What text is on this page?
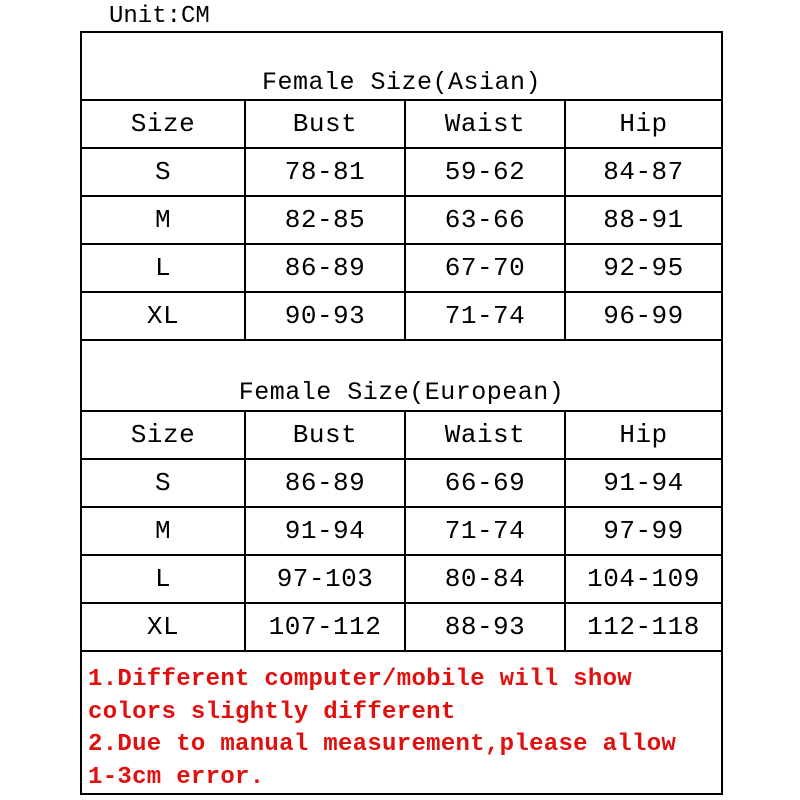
Unit:CM
Female Size(Asian)
Size	Bust	Waist	Hip
S	78-81	59-62	84-87
M	82-85	63-66	88-91
L	86-89	67-70	92-95
XL	90-93	71-74	96-99
Female Size(European)
Size	Bust	Waist	Hip
S	86-89	66-69	91-94
M	91-94	71-74	97-99
L	97-103	80-84	104-109
XL	107-112	88-93	112-118
1.Different computer/mobile will show
colors slightly different
2.Due to manual measurement,please allow
1-3cm error.
